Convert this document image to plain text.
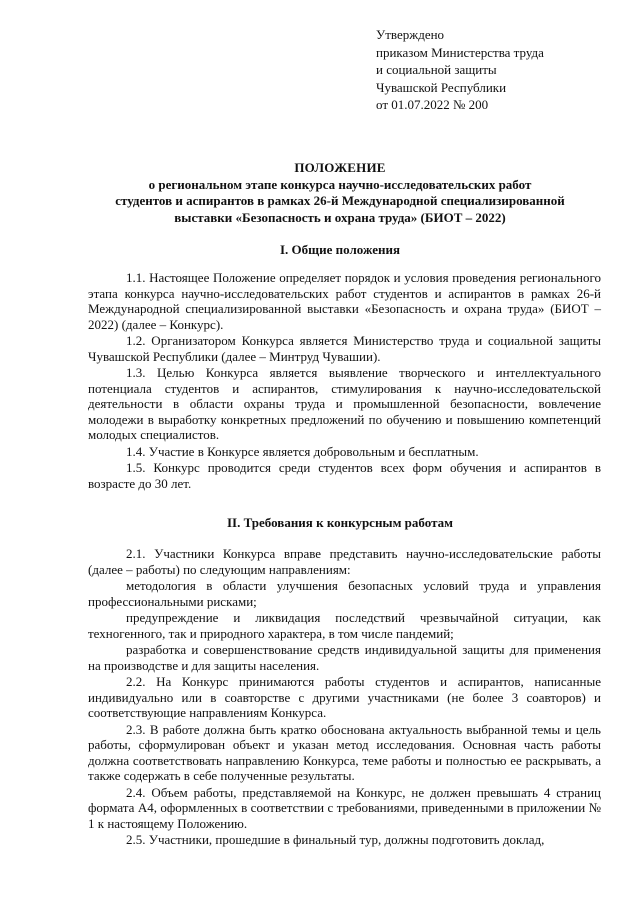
Утверждено
приказом Министерства труда
и социальной защиты
Чувашской Республики
от 01.07.2022 № 200
ПОЛОЖЕНИЕ
о региональном этапе конкурса научно-исследовательских работ
студентов и аспирантов в рамках 26-й Международной специализированной
выставки «Безопасность и охрана труда» (БИОТ – 2022)
I. Общие положения

1.1. Настоящее Положение определяет порядок и условия проведения регионального этапа конкурса научно-исследовательских работ студентов и аспирантов в рамках 26-й Международной специализированной выставки «Безопасность и охрана труда» (БИОТ – 2022) (далее – Конкурс).

1.2. Организатором Конкурса является Министерство труда и социальной защиты Чувашской Республики (далее – Минтруд Чувашии).

1.3. Целью Конкурса является выявление творческого и интеллектуального потенциала студентов и аспирантов, стимулирования к научно-исследовательской деятельности в области охраны труда и промышленной безопасности, вовлечение молодежи в выработку конкретных предложений по обучению и повышению компетенций молодых специалистов.

1.4. Участие в Конкурсе является добровольным и бесплатным.

1.5. Конкурс проводится среди студентов всех форм обучения и аспирантов в возрасте до 30 лет.

II. Требования к конкурсным работам

2.1. Участники Конкурса вправе представить научно-исследовательские работы (далее – работы) по следующим направлениям:

методология в области улучшения безопасных условий труда и управления профессиональными рисками;

предупреждение и ликвидация последствий чрезвычайной ситуации, как техногенного, так и природного характера, в том числе пандемий;

разработка и совершенствование средств индивидуальной защиты для применения на производстве и для защиты населения.

2.2. На Конкурс принимаются работы студентов и аспирантов, написанные индивидуально или в соавторстве с другими участниками (не более 3 соавторов) и соответствующие направлениям Конкурса.

2.3. В работе должна быть кратко обоснована актуальность выбранной темы и цель работы, сформулирован объект и указан метод исследования. Основная часть работы должна соответствовать направлению Конкурса, теме работы и полностью ее раскрывать, а также содержать в себе полученные результаты.

2.4. Объем работы, представляемой на Конкурс, не должен превышать 4 страниц формата А4, оформленных в соответствии с требованиями, приведенными в приложении № 1 к настоящему Положению.

2.5. Участники, прошедшие в финальный тур, должны подготовить доклад,
